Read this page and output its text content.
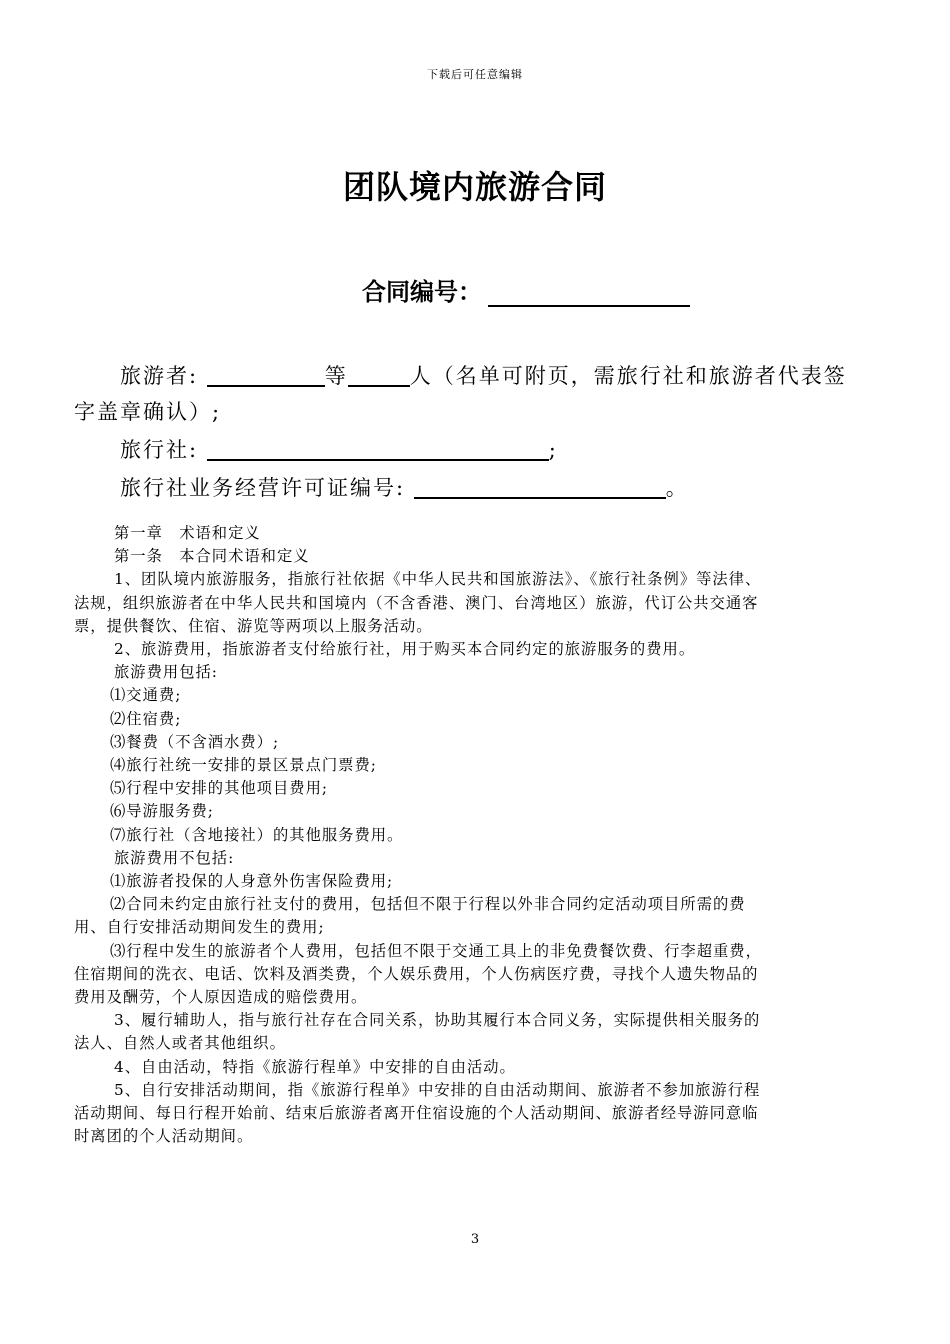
下载后可任意编辑
团队境内旅游合同
合同编号：
旅游者:	等	人（名单可附页，需旅行社和旅游者代表签
字盖章确认）;
旅行社:	;
旅行社业务经营许可证编号:	。

第一章　术语和定义

第一条　本合同术语和定义

1、团队境内旅游服务，指旅行社依据《中华人民共和国旅游法》、《旅行社条例》等法律、

法规，组织旅游者在中华人民共和国境内（不含香港、澳门、台湾地区）旅游，代订公共交通客

票，提供餐饮、住宿、游览等两项以上服务活动。

2、旅游费用，指旅游者支付给旅行社，用于购买本合同约定的旅游服务的费用。

旅游费用包括:

⑴交通费;

⑵住宿费;

⑶餐费（不含酒水费）;

⑷旅行社统一安排的景区景点门票费;

⑸行程中安排的其他项目费用;

⑹导游服务费;

⑺旅行社（含地接社）的其他服务费用。

旅游费用不包括:

⑴旅游者投保的人身意外伤害保险费用;

⑵合同未约定由旅行社支付的费用，包括但不限于行程以外非合同约定活动项目所需的费

用、自行安排活动期间发生的费用;

⑶行程中发生的旅游者个人费用，包括但不限于交通工具上的非免费餐饮费、行李超重费，

住宿期间的洗衣、电话、饮料及酒类费，个人娱乐费用，个人伤病医疗费，寻找个人遗失物品的

费用及酬劳，个人原因造成的赔偿费用。

3、履行辅助人，指与旅行社存在合同关系，协助其履行本合同义务，实际提供相关服务的

法人、自然人或者其他组织。

4、自由活动，特指《旅游行程单》中安排的自由活动。

5、自行安排活动期间，指《旅游行程单》中安排的自由活动期间、旅游者不参加旅游行程

活动期间、每日行程开始前、结束后旅游者离开住宿设施的个人活动期间、旅游者经导游同意临

时离团的个人活动期间。

3
